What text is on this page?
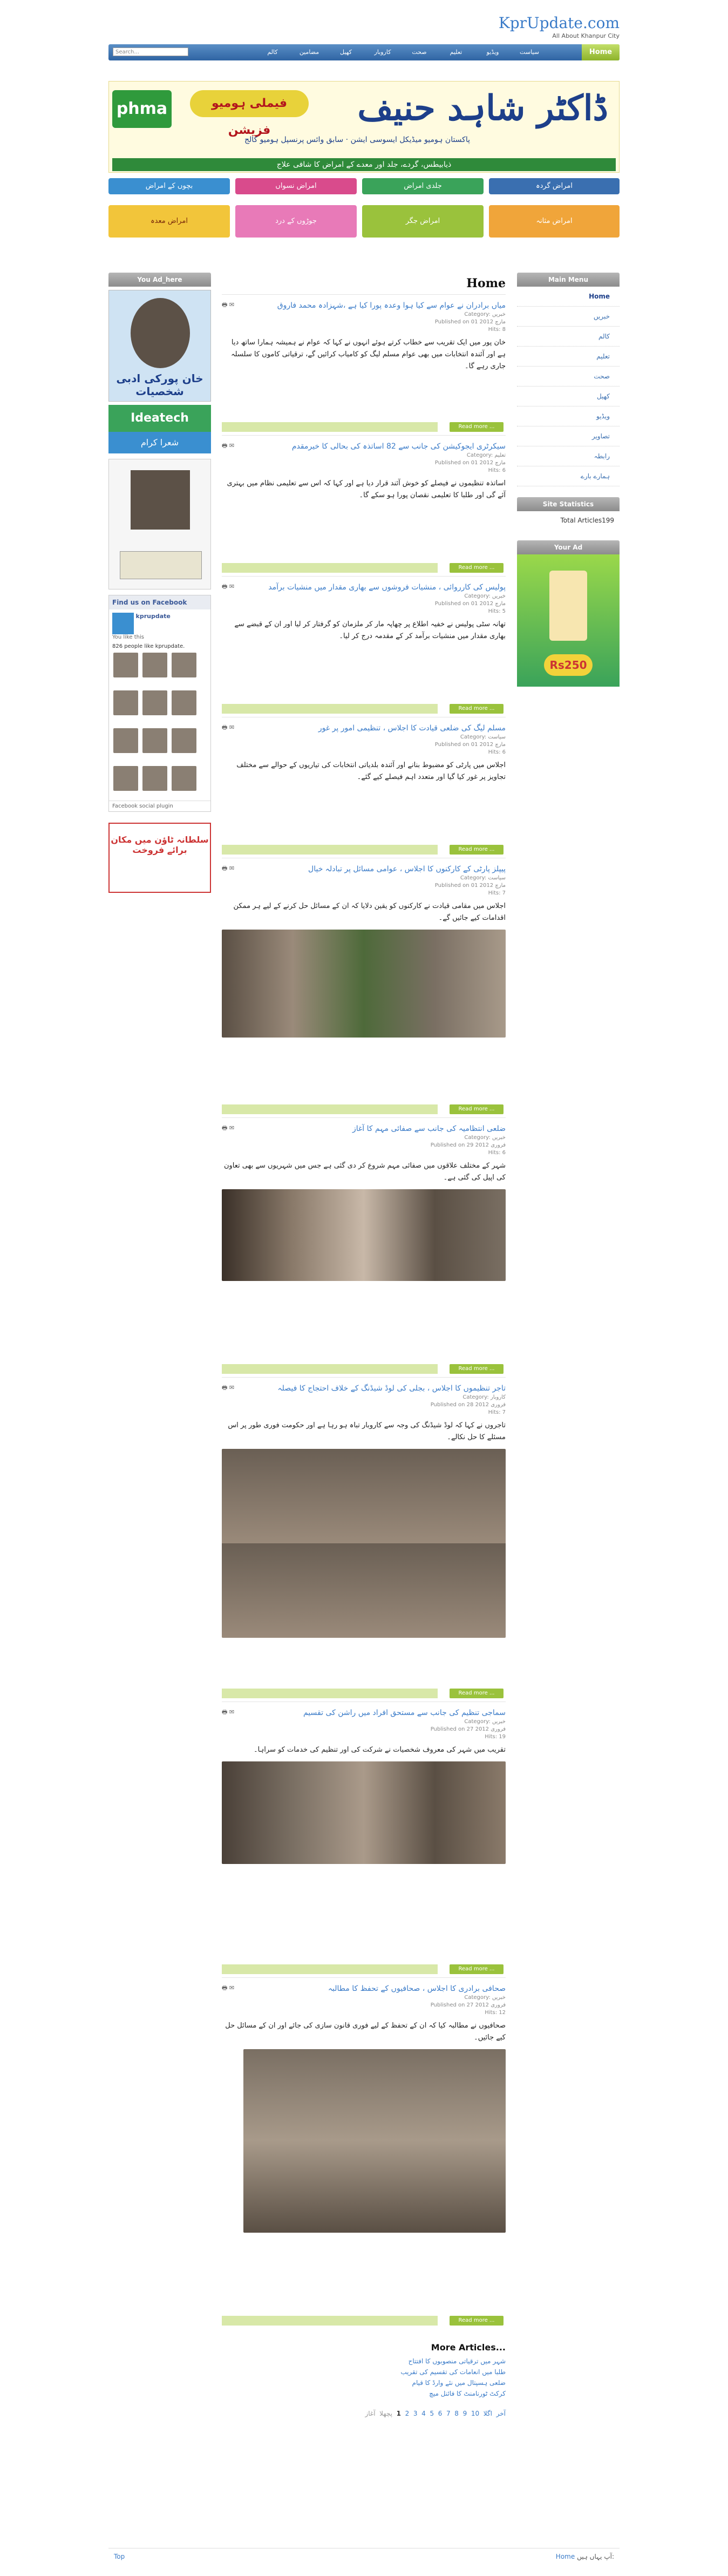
KprUpdate.com
All About Khanpur City
Search...	کالم	مضامین	کھیل	کاروبار	صحت	تعلیم	ویڈیو	سیاست	Home
phma	فیملی ہومیو فزیشن
ڈاکٹر شاہد حنیف
پاکستان ہومیو میڈیکل ایسوسی ایشن · سابق وائس پرنسپل ہومیو کالج
ذیابیطس، گردے، جلد اور معدے کے امراض کا شافی علاج
بچوں کے امراض	امراض نسواں	جلدی امراض	امراض گردہ
امراض معدہ	جوڑوں کے درد	امراض جگر	امراض مثانہ
You Ad_here
خان پورکی ادبی شخصیات
Ideatech
شعرا کرام
Find us on Facebook
kprupdate
You like this
826 people like kprupdate.

Facebook social plugin
سلطانہ ٹاؤن میں مکان برائے فروخت
Home
🖶 ✉	میاں برادران نے عوام سے کیا ہوا وعدہ پورا کیا ہے ،شہزادہ محمد فاروق
Category: خبریں
Published on 01 مارچ 2012
Hits: 8
خان پور میں ایک تقریب سے خطاب کرتے ہوئے انہوں نے کہا کہ عوام نے ہمیشہ ہمارا ساتھ دیا ہے اور آئندہ انتخابات میں بھی عوام مسلم لیگ کو کامیاب کرائیں گے، ترقیاتی کاموں کا سلسلہ جاری رہے گا۔
Read more ...
🖶 ✉	سیکرٹری ایجوکیشن کی جانب سے 82 اساتذہ کی بحالی کا خیرمقدم
Category: تعلیم
Published on 01 مارچ 2012
Hits: 6
اساتذہ تنظیموں نے فیصلے کو خوش آئند قرار دیا ہے اور کہا کہ اس سے تعلیمی نظام میں بہتری آئے گی اور طلبا کا تعلیمی نقصان پورا ہو سکے گا۔
Read more ...
🖶 ✉	پولیس کی کارروائی ، منشیات فروشوں سے بھاری مقدار میں منشیات برآمد
Category: خبریں
Published on 01 مارچ 2012
Hits: 5
تھانہ سٹی پولیس نے خفیہ اطلاع پر چھاپہ مار کر ملزمان کو گرفتار کر لیا اور ان کے قبضے سے بھاری مقدار میں منشیات برآمد کر کے مقدمہ درج کر لیا۔
Read more ...
🖶 ✉	مسلم لیگ کی ضلعی قیادت کا اجلاس ، تنظیمی امور پر غور
Category: سیاست
Published on 01 مارچ 2012
Hits: 6
اجلاس میں پارٹی کو مضبوط بنانے اور آئندہ بلدیاتی انتخابات کی تیاریوں کے حوالے سے مختلف تجاویز پر غور کیا گیا اور متعدد اہم فیصلے کیے گئے۔
Read more ...
🖶 ✉	پیپلز پارٹی کے کارکنوں کا اجلاس ، عوامی مسائل پر تبادلہ خیال
Category: سیاست
Published on 01 مارچ 2012
Hits: 7
اجلاس میں مقامی قیادت نے کارکنوں کو یقین دلایا کہ ان کے مسائل حل کرنے کے لیے ہر ممکن اقدامات کیے جائیں گے۔
Read more ...
🖶 ✉	ضلعی انتظامیہ کی جانب سے صفائی مہم کا آغاز
Category: خبریں
Published on 29 فروری 2012
Hits: 6
شہر کے مختلف علاقوں میں صفائی مہم شروع کر دی گئی ہے جس میں شہریوں سے بھی تعاون کی اپیل کی گئی ہے۔
Read more ...
🖶 ✉	تاجر تنظیموں کا اجلاس ، بجلی کی لوڈ شیڈنگ کے خلاف احتجاج کا فیصلہ
Category: کاروبار
Published on 28 فروری 2012
Hits: 7
تاجروں نے کہا کہ لوڈ شیڈنگ کی وجہ سے کاروبار تباہ ہو رہا ہے اور حکومت فوری طور پر اس مسئلے کا حل نکالے۔
Read more ...
🖶 ✉	سماجی تنظیم کی جانب سے مستحق افراد میں راشن کی تقسیم
Category: خبریں
Published on 27 فروری 2012
Hits: 19
تقریب میں شہر کی معروف شخصیات نے شرکت کی اور تنظیم کی خدمات کو سراہا۔
Read more ...
🖶 ✉	صحافی برادری کا اجلاس ، صحافیوں کے تحفظ کا مطالبہ
Category: خبریں
Published on 27 فروری 2012
Hits: 12
صحافیوں نے مطالبہ کیا کہ ان کے تحفظ کے لیے فوری قانون سازی کی جائے اور ان کے مسائل حل کیے جائیں۔
Read more ...
More Articles...
شہر میں ترقیاتی منصوبوں کا افتتاح
طلبا میں انعامات کی تقسیم کی تقریب
ضلعی ہسپتال میں نئے وارڈ کا قیام
کرکٹ ٹورنامنٹ کا فائنل میچ
آخر  اگلا  10  9  8  7  6  5  4  3  2  1  پچھلا  آغاز
Main Menu
Home
خبریں
کالم
تعلیم
صحت
کھیل
ویڈیو
تصاویر
رابطہ
ہمارے بارے
Site Statistics
Total Articles199
Your Ad
Rs250
Top	Home آپ یہاں ہیں:
